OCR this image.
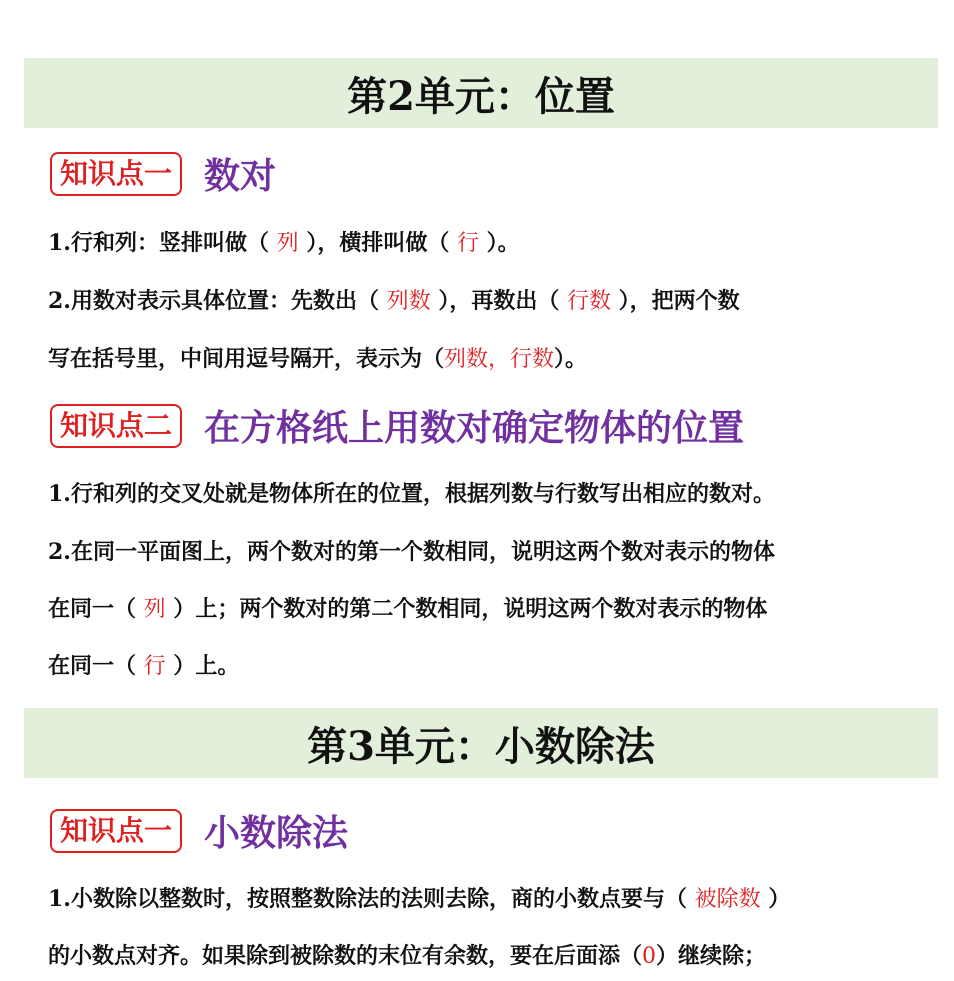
第2单元：位置
知识点一 数对
1.行和列：竖排叫做（ 列 ），横排叫做（ 行 ）。
2.用数对表示具体位置：先数出（ 列数 ），再数出（ 行数 ），把两个数
写在括号里，中间用逗号隔开，表示为（列数，行数）。
知识点二 在方格纸上用数对确定物体的位置
1.行和列的交叉处就是物体所在的位置，根据列数与行数写出相应的数对。
2.在同一平面图上，两个数对的第一个数相同，说明这两个数对表示的物体
在同一（ 列 ）上；两个数对的第二个数相同，说明这两个数对表示的物体
在同一（ 行 ）上。
第3单元：小数除法
知识点一 小数除法
1.小数除以整数时，按照整数除法的法则去除，商的小数点要与（ 被除数 ）
的小数点对齐。如果除到被除数的末位有余数，要在后面添（0）继续除；
